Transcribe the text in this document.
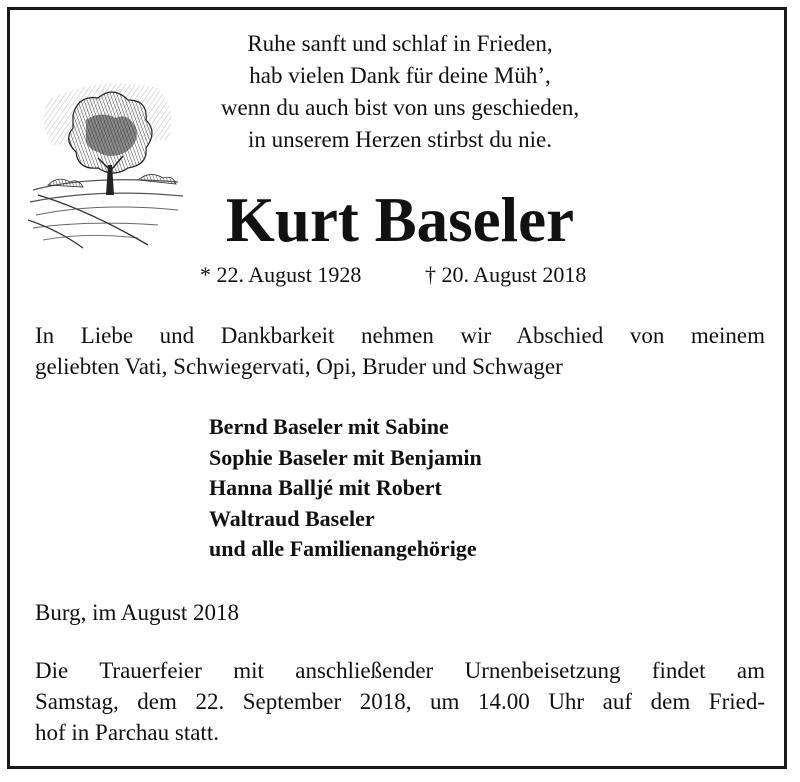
Ruhe sanft und schlaf in Frieden,
hab vielen Dank für deine Müh’,
wenn du auch bist von uns geschieden,
in unserem Herzen stirbst du nie.
Kurt Baseler
* 22. August 1928	† 20. August 2018
In Liebe und Dankbarkeit nehmen wir Abschied von meinem
geliebten Vati, Schwiegervati, Opi, Bruder und Schwager
Bernd Baseler mit Sabine
Sophie Baseler mit Benjamin
Hanna Balljé mit Robert
Waltraud Baseler
und alle Familienangehörige
Burg, im August 2018
Die Trauerfeier mit anschließender Urnenbeisetzung findet am
Samstag, dem 22. September 2018, um 14.00 Uhr auf dem Fried-
hof in Parchau statt.
